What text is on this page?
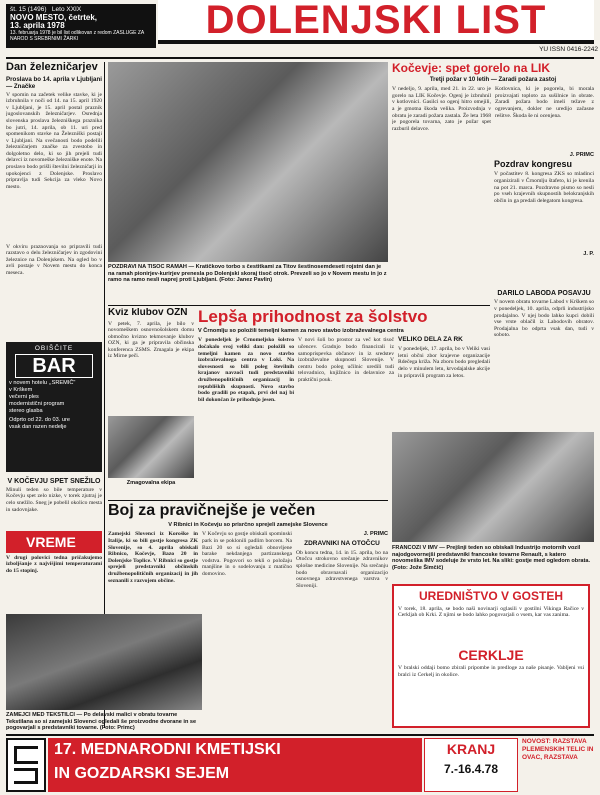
št. 15 (1496) Leto XXIX
NOVO MESTO, četrtek,
13. aprila 1978
13. februarja 1978 je bil list odlikovan z redom ZASLUGE ZA NAROD S SREBRNIMI ŽARKI	DOLENJSKI LIST
YU ISSN 0416-2242
Dan železničarjev
Proslava bo 14. aprila v Ljubljani — Značke
V spomin na začetek velike stavke, ki je izbruhnila v noči od 14. na 15. april 1920 v Ljubljani, je 15. april postal praznik jugoslovanskih železničarjev. Osrednja slovenska proslava železniškega praznika bo jutri, 14. aprila, ob 11. uri pred spomenikom stavke na Železniški postaji v Ljubljani. Na svečanosti bodo podelili železničarjem značke za zvestobo in dolgoletno delo, ki so jih prejeli tudi delavci iz novomeške železniške enote. Na proslavo bodo prišli številni železničarji in upokojenci z Dolenjske. Proslavo pripravlja tudi Sekcija za vleko Novo mesto.
V okviru praznovanja so pripravili tudi razstavo o delu železničarjev in zgodovini železnice na Dolenjskem. Na ogled bo v avli postaje v Novem mestu do konca meseca.
OBIŠČITE
BAR
v novem hotelu ,,SREMIČ"
v Krškem
večerni ples
modernistični program
stereo glasba
Odprto od 22. do 03. ure
vsak dan razen nedelje
V KOČEVJU SPET SNEŽILO
Minuli teden so bile temperature v Kočevju spet zelo nizke, v torek zjutraj je celo snežilo. Sneg je pobelil okolico mesta in sadovnjake.
VREME
V drugi polovici tedna pričakujemo izboljšanje z najvišjimi temperaturami do 15 stopinj.
POZDRAVI NA TISOČ RAMAH — Kratičkovo torbo s čestitkami za Titov šestinosemdeseti rojstni dan je na ramah pionirjev-kurirjev prenesla po Dolenjski skoraj tisoč otrok. Prevzeli so jo v Novem mestu in jo z ramo na ramo nesli naprej proti Ljubljani. (Foto: Janez Pavlin)
Kočevje: spet gorelo na LIK
Tretji požar v 10 letih — Zaradi požara zastoj
V nedeljo, 9. aprila, med 21. in 22. uro je gorelo na LIK Kočevje. Ogenj je izbruhnil v kotlovnici. Gasilci so ogenj hitro omejili, a je gmotna škoda velika. Proizvodnja v obratu je zaradi požara zastala. Že leta 1968 je pogorela tovarna, zato je požar spet razburil delavce.
Kotlovnica, ki je pogorela, bi morala proizvajati toploto za sušilnice in obrate. Zaradi požara bodo imeli težave z ogrevanjem, dokler ne uredijo začasne rešitve. Škoda še ni ocenjena.
J. PRIMC
Pozdrav kongresu
V počastitev 8. kongresa ZKS so mladinci organizirali v Črnomlju štafeto, ki je krenila na pot 21. marca. Pozdravno pismo so nesli po vseh krajevnih skupnostih belokranjskih občin in ga predali delegatom kongresa.
J. P.
DARILO LABODA POSAVJU
V novem obratu tovarne Labod v Krškem so v ponedeljek, 10. aprila, odprli industrijsko prodajalno. V njej bodo lahko kupci dobili vse vrste oblačil iz Labodovih obratov. Prodajalna bo odprta vsak dan, tudi v soboto.
Kviz klubov OZN
V petek, 7. aprila, je bilo v novomeškem osnovnošolskem domu območno kvizno tekmovanje klubov OZN, ki ga je pripravila občinska konferenca ZSMS. Zmagala je ekipa iz Mirne peči.
Zmagovalna ekipa
Lepša prihodnost za šolstvo
V Črnomlju so položili temeljni kamen za novo stavbo izobraževalnega centra
V ponedeljek je Črnomeljsko šolstvo dočakalo svoj veliki dan: položili so temeljni kamen za novo stavbo izobraževalnega centra v Loki. Na slovesnosti so bili poleg številnih krajanov navzoči tudi predstavniki družbenopolitičnih organizacij in republiških skupnosti. Novo stavbo bodo gradili po etapah, prvi del naj bi bil dokončan že prihodnjo jesen.
V novi šoli bo prostor za več kot tisoč učencev. Gradnjo bodo financirali iz samoprispevka občanov in iz sredstev izobraževalne skupnosti Slovenije. V centru bodo poleg učilnic uredili tudi telovadnico, knjižnico in delavnice za praktični pouk.
VELIKO DELA ZA RK
V ponedeljek, 17. aprila, bo v Veliki vasi letni občni zbor krajevne organizacije Rdečega križa. Na zboru bodo pregledali delo v minulem letu, krvodajalske akcije in pripravili program za letos.
Boj za pravičnejše je večen
V Ribnici in Kočevju so prisrčno sprejeli zamejske Slovence
Zamejski Slovenci iz Koroške in Italije, ki so bili gostje kongresa ZK Slovenije, so 4. aprila obiskali Ribnico, Kočevje, Bazo 20 in Dolenjske Toplice. V Ribnici so gostje sprejeli predstavniki občinskih družbenopolitičnih organizacij in jih seznanili z razvojem občine.
V Kočevju so gostje obiskali spominski park in se poklonili padlim borcem. Na Bazi 20 so si ogledali obnovljene barake nekdanjega partizanskega vodstva. Pogovori so tekli o položaju manjšine in o sodelovanju z matično domovino.
J. PRIMC
ZDRAVNIKI NA OTOČCU
Ob koncu tedna, 14. in 15. aprila, bo na Otočcu strokovno srečanje zdravnikov splošne medicine Slovenije. Na srečanju bodo obravnavali organizacijo osnovnega zdravstvenega varstva v Sloveniji.
ZAMEJCI MED TEKSTILCI — Po delavski malici v obratu tovarne Tekstilana so si zamejski Slovenci ogledali še proizvodne dvorane in se pogovarjali s predstavniki tovarne. (Foto: Primc)
FRANCOZI V IMV — Prejšnji teden so obiskali Industrijo motornih vozil najodgovornejši predstavniki francoske tovarne Renault, s katero novomeška IMV sodeluje že vrsto let. Na sliki: gostje med ogledom obrata. (Foto: Jože Šimčič)
UREDNIŠTVO V GOSTEH
V torek, 18. aprila, se bodo naši novinarji oglasili v gostilni Vikinga Račice v Cerkljah ob Krki. Z njimi se bodo lahko pogovarjali o vsem, kar vas zanima.
CERKLJE
V bralski oddaji bomo zbirali pripombe in predloge za naše pisanje. Vabljeni vsi bralci iz Cerkelj in okolice.
17. MEDNARODNI KMETIJSKI
IN GOZDARSKI SEJEM
KRANJ
7.-16.4.78
NOVOST: RAZSTAVA PLEMENSKIH TELIC IN OVAC, RAZSTAVA
